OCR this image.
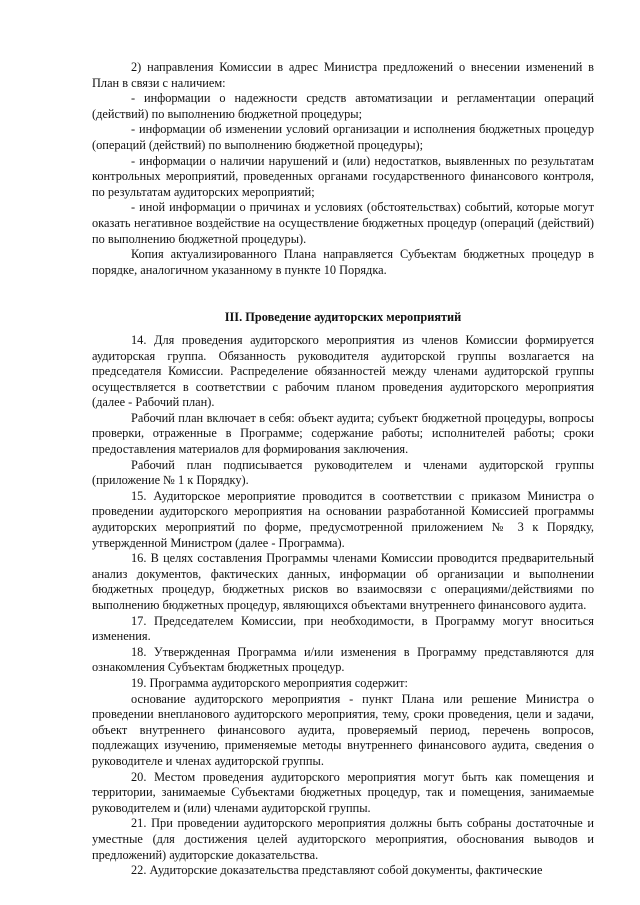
2) направления Комиссии в адрес Министра предложений о внесении изменений в План в связи с наличием:

- информации о надежности средств автоматизации и регламентации операций (действий) по выполнению бюджетной процедуры;

- информации об изменении условий организации и исполнения бюджетных процедур (операций (действий) по выполнению бюджетной процедуры);

- информации о наличии нарушений и (или) недостатков, выявленных по результатам контрольных мероприятий, проведенных органами государственного финансового контроля, по результатам аудиторских мероприятий;

- иной информации о причинах и условиях (обстоятельствах) событий, которые могут оказать негативное воздействие на осуществление бюджетных процедур (операций (действий) по выполнению бюджетной процедуры).

Копия актуализированного Плана направляется Субъектам бюджетных процедур в порядке, аналогичном указанному в пункте 10 Порядка.

III. Проведение аудиторских мероприятий

14. Для проведения аудиторского мероприятия из членов Комиссии формируется аудиторская группа. Обязанность руководителя аудиторской группы возлагается на председателя Комиссии. Распределение обязанностей между членами аудиторской группы осуществляется в соответствии с рабочим планом проведения аудиторского мероприятия (далее - Рабочий план).

Рабочий план включает в себя: объект аудита; субъект бюджетной процедуры, вопросы проверки, отраженные в Программе; содержание работы; исполнителей работы; сроки предоставления материалов для формирования заключения.

Рабочий план подписывается руководителем и членами аудиторской группы (приложение № 1 к Порядку).

15. Аудиторское мероприятие проводится в соответствии с приказом Министра о проведении аудиторского мероприятия на основании разработанной Комиссией программы аудиторских мероприятий по форме, предусмотренной приложением № 3 к Порядку, утвержденной Министром (далее - Программа).

16. В целях составления Программы членами Комиссии проводится предварительный анализ документов, фактических данных, информации об организации и выполнении бюджетных процедур, бюджетных рисков во взаимосвязи с операциями/действиями по выполнению бюджетных процедур, являющихся объектами внутреннего финансового аудита.

17. Председателем Комиссии, при необходимости, в Программу могут вноситься изменения.

18. Утвержденная Программа и/или изменения в Программу представляются для ознакомления Субъектам бюджетных процедур.

19. Программа аудиторского мероприятия содержит:

основание аудиторского мероприятия - пункт Плана или решение Министра о проведении внепланового аудиторского мероприятия, тему, сроки проведения, цели и задачи, объект внутреннего финансового аудита, проверяемый период, перечень вопросов, подлежащих изучению, применяемые методы внутреннего финансового аудита, сведения о руководителе и членах аудиторской группы.

20. Местом проведения аудиторского мероприятия могут быть как помещения и территории, занимаемые Субъектами бюджетных процедур, так и помещения, занимаемые руководителем и (или) членами аудиторской группы.

21. При проведении аудиторского мероприятия должны быть собраны достаточные и уместные (для достижения целей аудиторского мероприятия, обоснования выводов и предложений) аудиторские доказательства.

22. Аудиторские доказательства представляют собой документы, фактические
